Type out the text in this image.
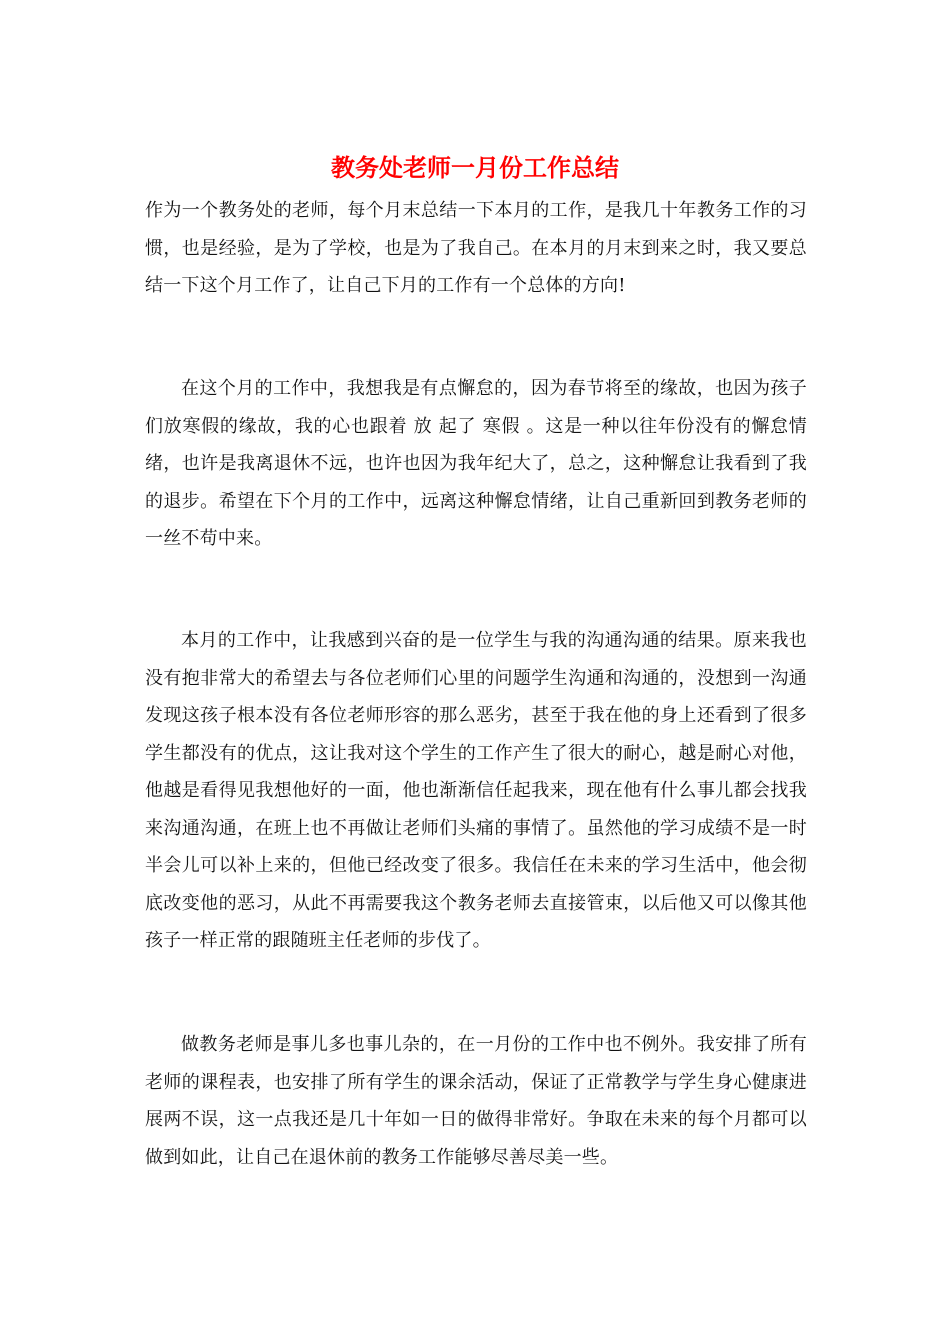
教务处老师一月份工作总结

作为一个教务处的老师，每个月末总结一下本月的工作，是我几十年教务工作的习惯，也是经验，是为了学校，也是为了我自己。在本月的月末到来之时，我又要总结一下这个月工作了，让自己下月的工作有一个总体的方向!

在这个月的工作中，我想我是有点懈怠的，因为春节将至的缘故，也因为孩子们放寒假的缘故，我的心也跟着 放 起了 寒假 。这是一种以往年份没有的懈怠情绪，也许是我离退休不远，也许也因为我年纪大了，总之，这种懈怠让我看到了我的退步。希望在下个月的工作中，远离这种懈怠情绪，让自己重新回到教务老师的一丝不苟中来。

本月的工作中，让我感到兴奋的是一位学生与我的沟通沟通的结果。原来我也没有抱非常大的希望去与各位老师们心里的问题学生沟通和沟通的，没想到一沟通发现这孩子根本没有各位老师形容的那么恶劣，甚至于我在他的身上还看到了很多学生都没有的优点，这让我对这个学生的工作产生了很大的耐心，越是耐心对他，他越是看得见我想他好的一面，他也渐渐信任起我来，现在他有什么事儿都会找我来沟通沟通，在班上也不再做让老师们头痛的事情了。虽然他的学习成绩不是一时半会儿可以补上来的，但他已经改变了很多。我信任在未来的学习生活中，他会彻底改变他的恶习，从此不再需要我这个教务老师去直接管束，以后他又可以像其他孩子一样正常的跟随班主任老师的步伐了。

做教务老师是事儿多也事儿杂的，在一月份的工作中也不例外。我安排了所有老师的课程表，也安排了所有学生的课余活动，保证了正常教学与学生身心健康进展两不误，这一点我还是几十年如一日的做得非常好。争取在未来的每个月都可以做到如此，让自己在退休前的教务工作能够尽善尽美一些。
